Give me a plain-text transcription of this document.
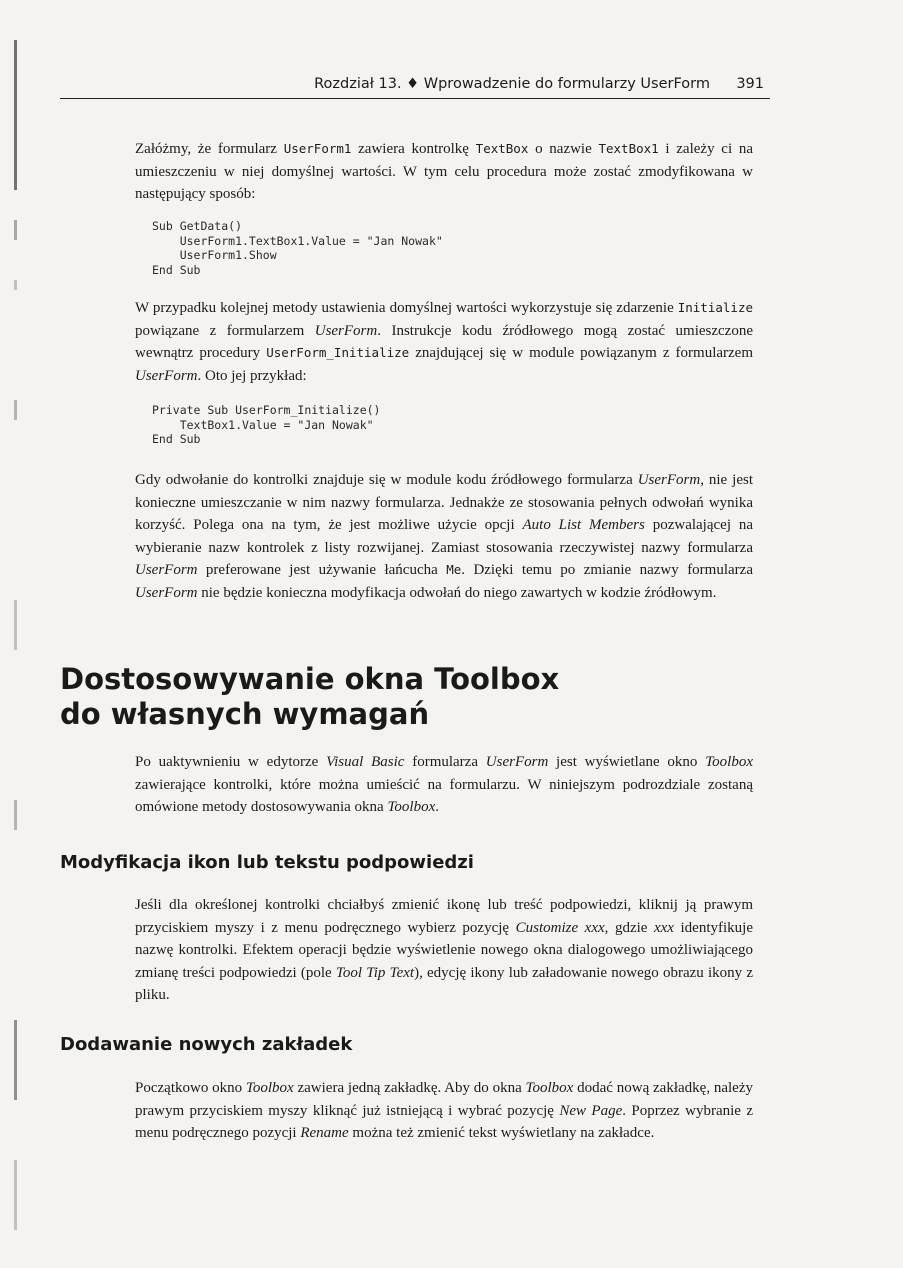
Rozdział 13. ♦ Wprowadzenie do formularzy UserForm 391
Załóżmy, że formularz UserForm1 zawiera kontrolkę TextBox o nazwie TextBox1 i zależy ci na umieszczeniu w niej domyślnej wartości. W tym celu procedura może zostać zmodyfikowana w następujący sposób:
Sub GetData()
UserForm1.TextBox1.Value = "Jan Nowak"
UserForm1.Show
End Sub
W przypadku kolejnej metody ustawienia domyślnej wartości wykorzystuje się zdarzenie Initialize powiązane z formularzem UserForm. Instrukcje kodu źródłowego mogą zostać umieszczone wewnątrz procedury UserForm_Initialize znajdującej się w module powiązanym z formularzem UserForm. Oto jej przykład:
Private Sub UserForm_Initialize()
TextBox1.Value = "Jan Nowak"
End Sub
Gdy odwołanie do kontrolki znajduje się w module kodu źródłowego formularza UserForm, nie jest konieczne umieszczanie w nim nazwy formularza. Jednakże ze stosowania pełnych odwołań wynika korzyść. Polega ona na tym, że jest możliwe użycie opcji Auto List Members pozwalającej na wybieranie nazw kontrolek z listy rozwijanej. Zamiast stosowania rzeczywistej nazwy formularza UserForm preferowane jest używanie łańcucha Me. Dzięki temu po zmianie nazwy formularza UserForm nie będzie konieczna modyfikacja odwołań do niego zawartych w kodzie źródłowym.
Dostosowywanie okna Toolbox
do własnych wymagań
Po uaktywnieniu w edytorze Visual Basic formularza UserForm jest wyświetlane okno Toolbox zawierające kontrolki, które można umieścić na formularzu. W niniejszym podrozdziale zostaną omówione metody dostosowywania okna Toolbox.
Modyfikacja ikon lub tekstu podpowiedzi
Jeśli dla określonej kontrolki chciałbyś zmienić ikonę lub treść podpowiedzi, kliknij ją prawym przyciskiem myszy i z menu podręcznego wybierz pozycję Customize xxx, gdzie xxx identyfikuje nazwę kontrolki. Efektem operacji będzie wyświetlenie nowego okna dialogowego umożliwiającego zmianę treści podpowiedzi (pole Tool Tip Text), edycję ikony lub załadowanie nowego obrazu ikony z pliku.
Dodawanie nowych zakładek
Początkowo okno Toolbox zawiera jedną zakładkę. Aby do okna Toolbox dodać nową zakładkę, należy prawym przyciskiem myszy kliknąć już istniejącą i wybrać pozycję New Page. Poprzez wybranie z menu podręcznego pozycji Rename można też zmienić tekst wyświetlany na zakładce.
